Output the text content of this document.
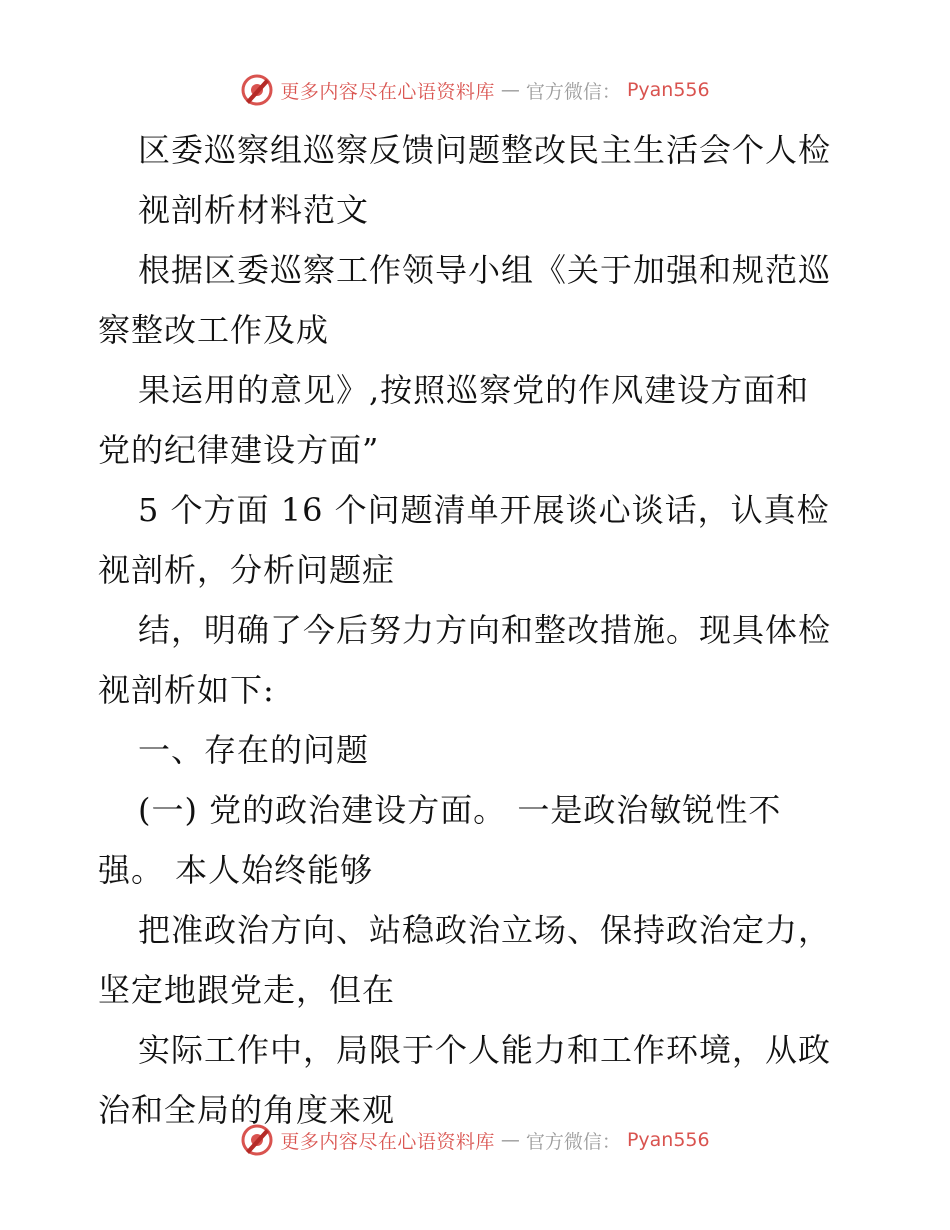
更多内容尽在心语资料库 — 官方微信： Pyan556
区委巡察组巡察反馈问题整改民主生活会个人检
视剖析材料范文
根据区委巡察工作领导小组《关于加强和规范巡
察整改工作及成
果运用的意见》,按照巡察党的作风建设方面和
党的纪律建设方面”
5 个方面 16 个问题清单开展谈心谈话，认真检
视剖析，分析问题症
结，明确了今后努力方向和整改措施。现具体检
视剖析如下:
一、存在的问题
(一) 党的政治建设方面。 一是政治敏锐性不
强。 本人始终能够
把准政治方向、站稳政治立场、保持政治定力，
坚定地跟党走，但在
实际工作中，局限于个人能力和工作环境，从政
治和全局的角度来观
更多内容尽在心语资料库 — 官方微信： Pyan556
